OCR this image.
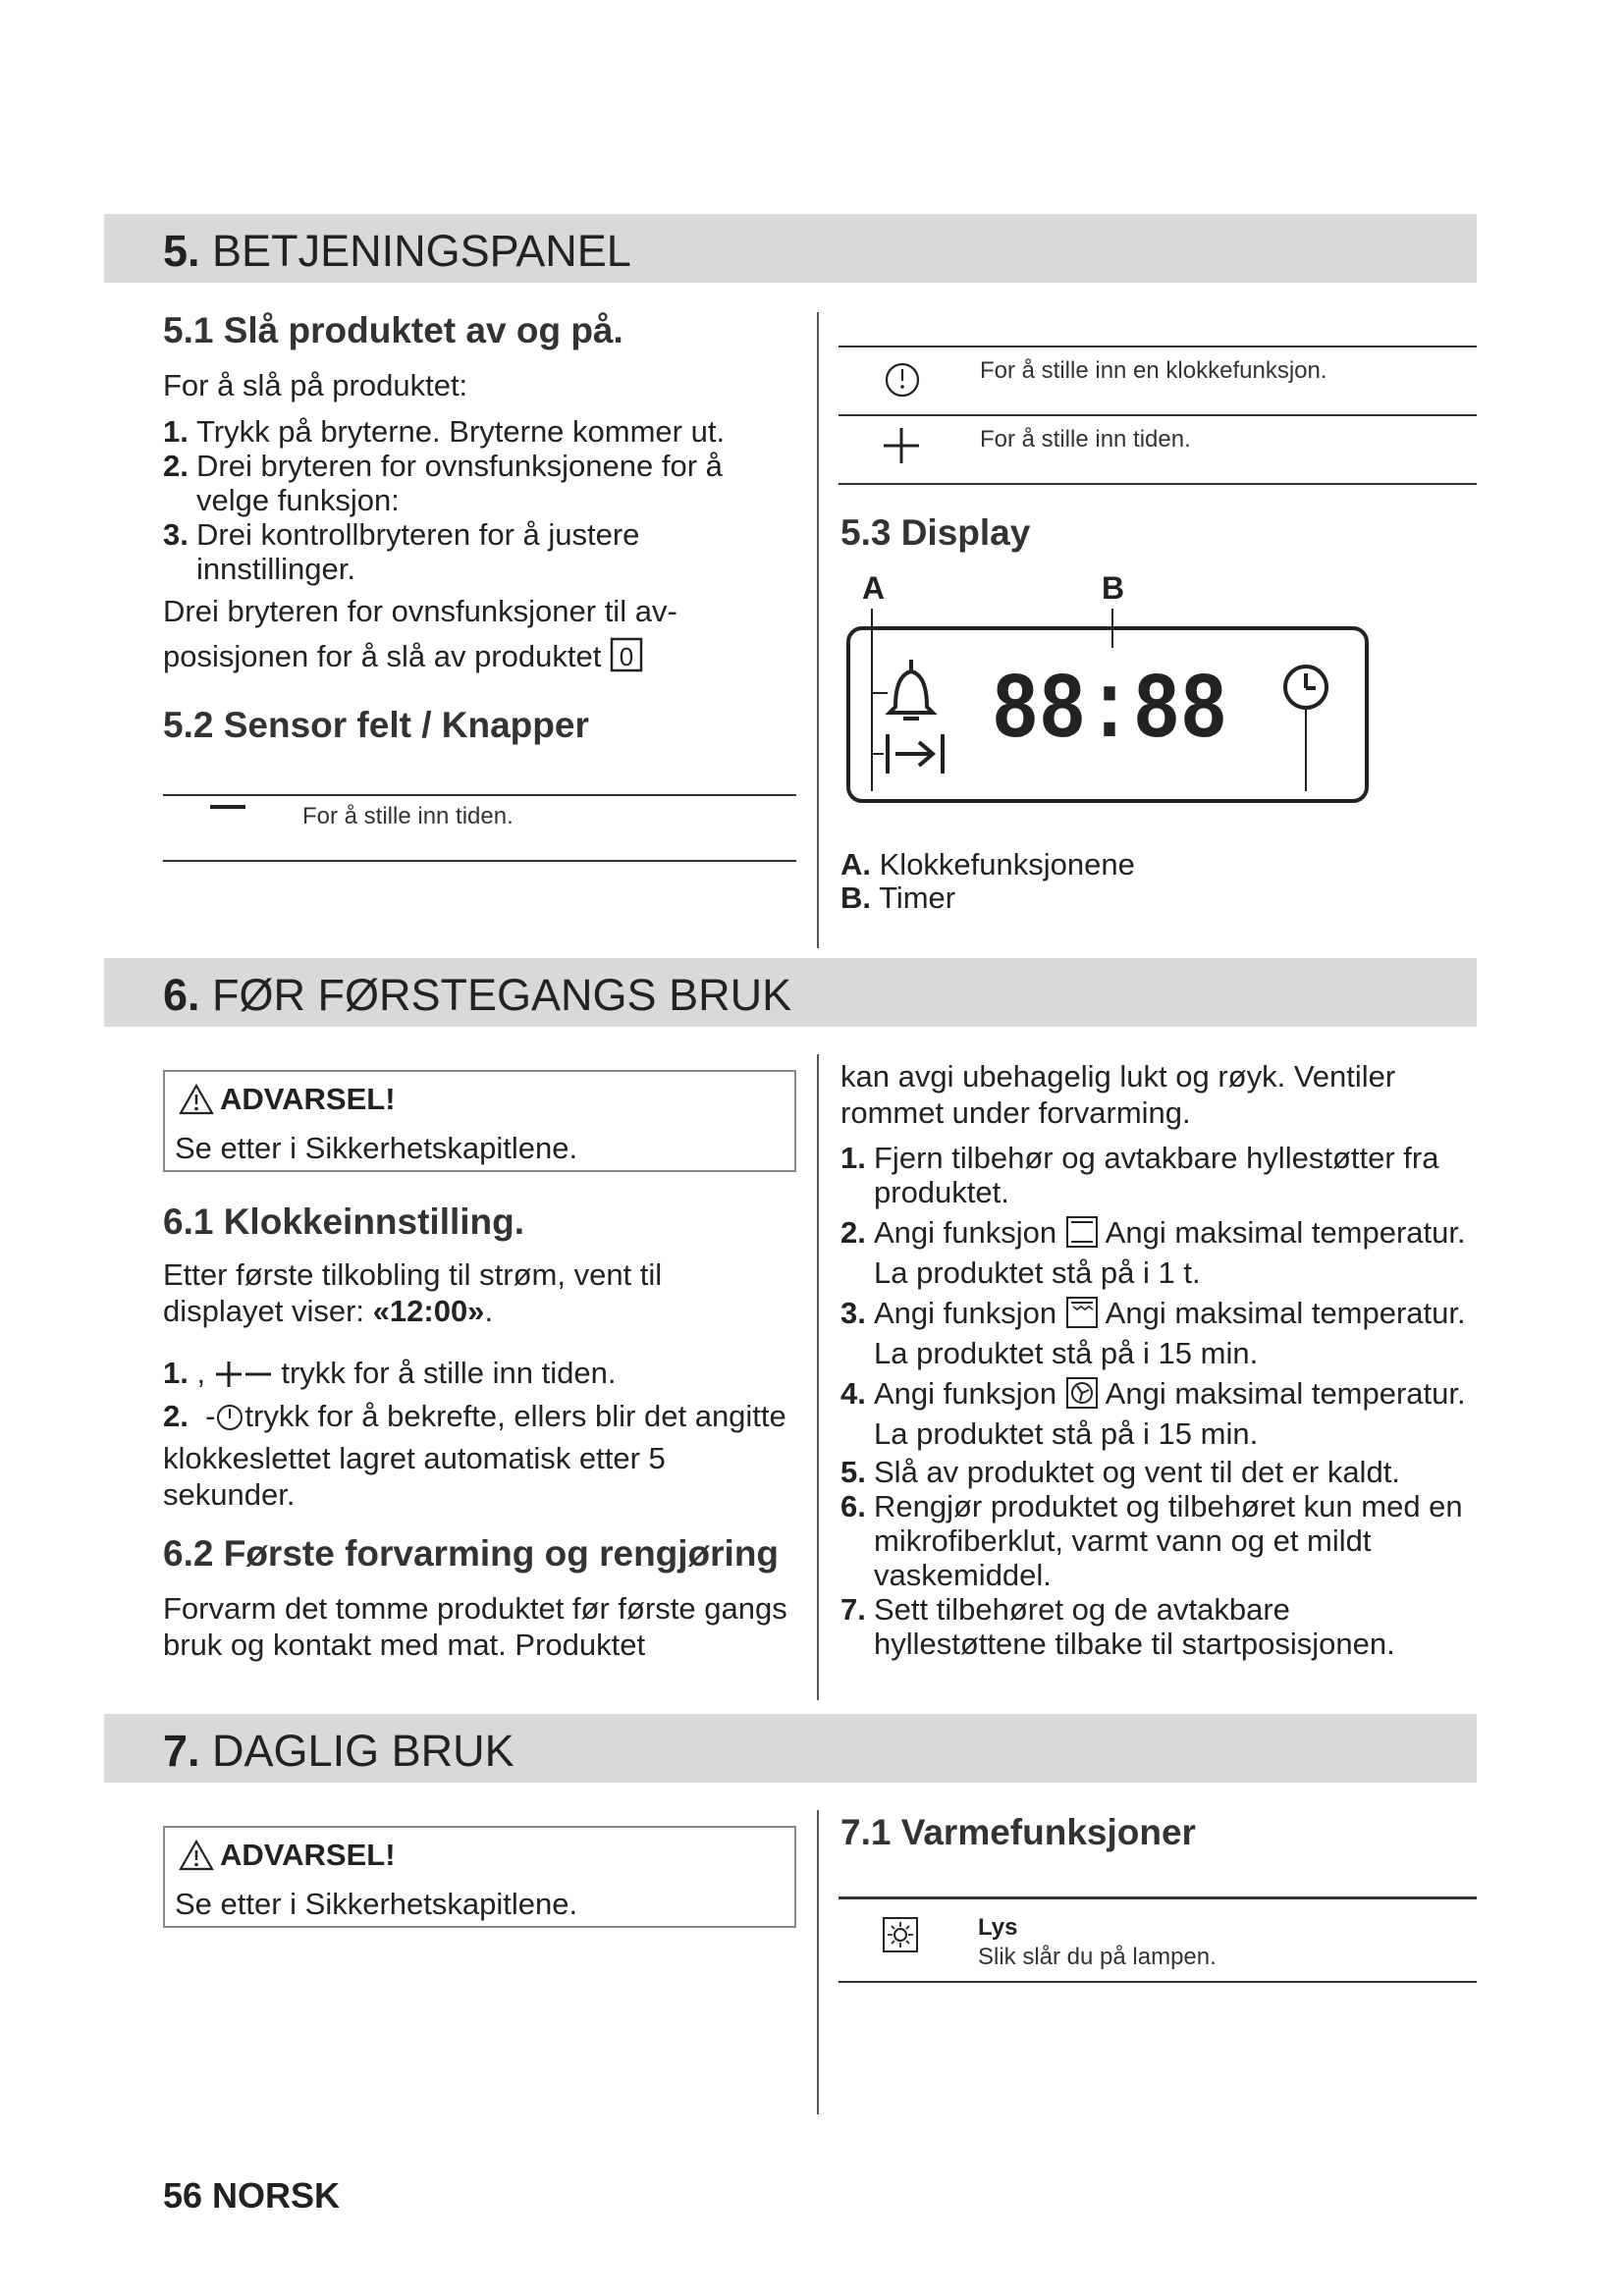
5. BETJENINGSPANEL
5.1 Slå produktet av og på.
For å slå på produktet:
1. Trykk på bryterne. Bryterne kommer ut.
2. Drei bryteren for ovnsfunksjonene for å velge funksjon:
3. Drei kontrollbryteren for å justere innstillinger.
Drei bryteren for ovnsfunksjoner til av-posisjonen for å slå av produktet 0
5.2 Sensor felt / Knapper
For å stille inn tiden.
For å stille inn en klokkefunksjon.
For å stille inn tiden.
5.3 Display
A	B
88:88
A. Klokkefunksjonene
B. Timer
6. FØR FØRSTEGANGS BRUK
ADVARSEL!
Se etter i Sikkerhetskapitlene.
6.1 Klokkeinnstilling.
Etter første tilkobling til strøm, vent til displayet viser: «12:00».
1. ,  trykk for å stille inn tiden.
2.  - trykk for å bekrefte, ellers blir det angitte klokkeslettet lagret automatisk etter 5 sekunder.
6.2 Første forvarming og rengjøring
Forvarm det tomme produktet før første gangs bruk og kontakt med mat. Produktet
kan avgi ubehagelig lukt og røyk. Ventiler rommet under forvarming.
1. Fjern tilbehør og avtakbare hyllestøtter fra produktet.
2. Angi funksjon Angi maksimal temperatur. La produktet stå på i 1 t.
3. Angi funksjon Angi maksimal temperatur. La produktet stå på i 15 min.
4. Angi funksjon Angi maksimal temperatur. La produktet stå på i 15 min.
5. Slå av produktet og vent til det er kaldt.
6. Rengjør produktet og tilbehøret kun med en mikrofiberklut, varmt vann og et mildt vaskemiddel.
7. Sett tilbehøret og de avtakbare hyllestøttene tilbake til startposisjonen.
7. DAGLIG BRUK
ADVARSEL!
Se etter i Sikkerhetskapitlene.
7.1 Varmefunksjoner
Lys
Slik slår du på lampen.
56 NORSK
